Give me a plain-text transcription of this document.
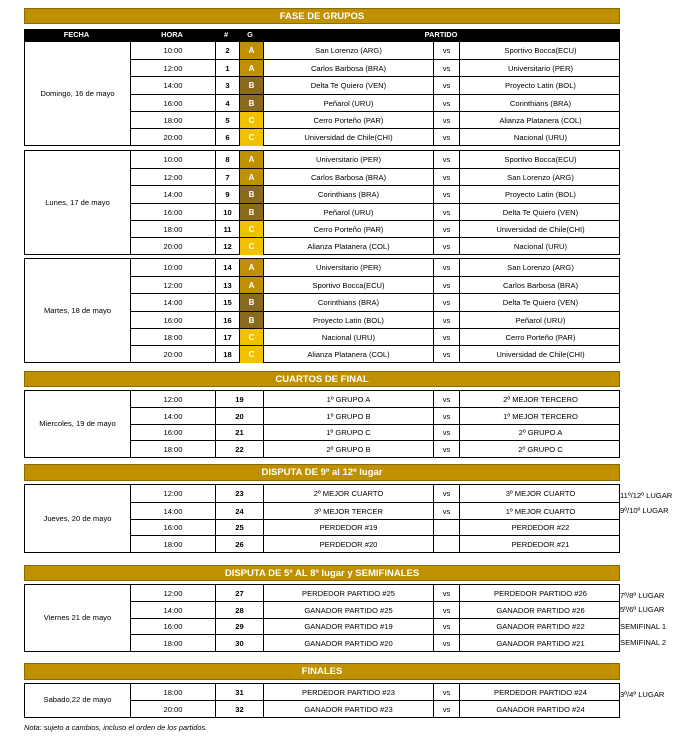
FASE DE GRUPOS
FECHA	HORA	#	G	PARTIDO
CUARTOS DE FINAL
DISPUTA DE 9º al 12º lugar
DISPUTA DE 5º AL 8º lugar y SEMIFINALES
FINALES
Domingo, 16 de mayo
10:00	2	A	San Lorenzo (ARG)	vs	Sportivo Bocca(ECU)
12:00	1	A	Carlos Barbosa (BRA)	vs	Universitario (PER)
14:00	3	B	Delta Te Quiero (VEN)	vs	Proyecto Latin (BOL)
16:00	4	B	Peñarol (URU)	vs	Corinthians (BRA)
18:00	5	C	Cerro Porteño (PAR)	vs	Alianza Platanera (COL)
20:00	6	C	Universidad de Chile(CHI)	vs	Nacional (URU)
Lunes, 17 de mayo
10:00	8	A	Universitario (PER)	vs	Sportivo Bocca(ECU)
12:00	7	A	Carlos Barbosa (BRA)	vs	San Lorenzo (ARG)
14:00	9	B	Corinthians (BRA)	vs	Proyecto Latin (BOL)
16:00	10	B	Peñarol (URU)	vs	Delta Te Quiero (VEN)
18:00	11	C	Cerro Porteño (PAR)	vs	Universidad de Chile(CHI)
20:00	12	C	Alianza Platanera (COL)	vs	Nacional (URU)
Martes, 18 de mayo
10:00	14	A	Universitario (PER)	vs	San Lorenzo (ARG)
12:00	13	A	Sportivo Bocca(ECU)	vs	Carlos Barbosa (BRA)
14:00	15	B	Corinthians (BRA)	vs	Delta Te Quiero (VEN)
16:00	16	B	Proyecto Latin (BOL)	vs	Peñarol (URU)
18:00	17	C	Nacional (URU)	vs	Cerro Porteño (PAR)
20:00	18	C	Alianza Platanera (COL)	vs	Universidad de Chile(CHI)
Miercoles, 19 de mayo
12:00	19	1º GRUPO A	vs	2º MEJOR TERCERO
14:00	20	1º GRUPO B	vs	1º MEJOR TERCERO
16:00	21	1º GRUPO C	vs	2º GRUPO A
18:00	22	2º GRUPO B	vs	2º GRUPO C
11º/12º LUGAR
9º/10º LUGAR
Jueves, 20 de mayo
12:00	23	2º MEJOR CUARTO	vs	3º MEJOR CUARTO
14:00	24	3º MEJOR TERCER	vs	1º MEJOR CUARTO
16:00	25	PERDEDOR #19	PERDEDOR #22
18:00	26	PERDEDOR #20	PERDEDOR #21
7º/8º LUGAR
5º/6º LUGAR
SEMIFINAL 1
SEMIFINAL 2
Viernes 21 de mayo
12:00	27	PERDEDOR PARTIDO #25	vs	PERDEDOR PARTIDO #26
14:00	28	GANADOR PARTIDO #25	vs	GANADOR PARTIDO #26
16:00	29	GANADOR PARTIDO #19	vs	GANADOR PARTIDO #22
18:00	30	GANADOR PARTIDO #20	vs	GANADOR PARTIDO #21
3º/4º LUGAR
Sabado,22 de mayo
18:00	31	PERDEDOR PARTIDO #23	vs	PERDEDOR PARTIDO #24
20:00	32	GANADOR PARTIDO #23	vs	GANADOR PARTIDO #24
Nota: sujeto a cambios, incluso el orden de los partidos.
